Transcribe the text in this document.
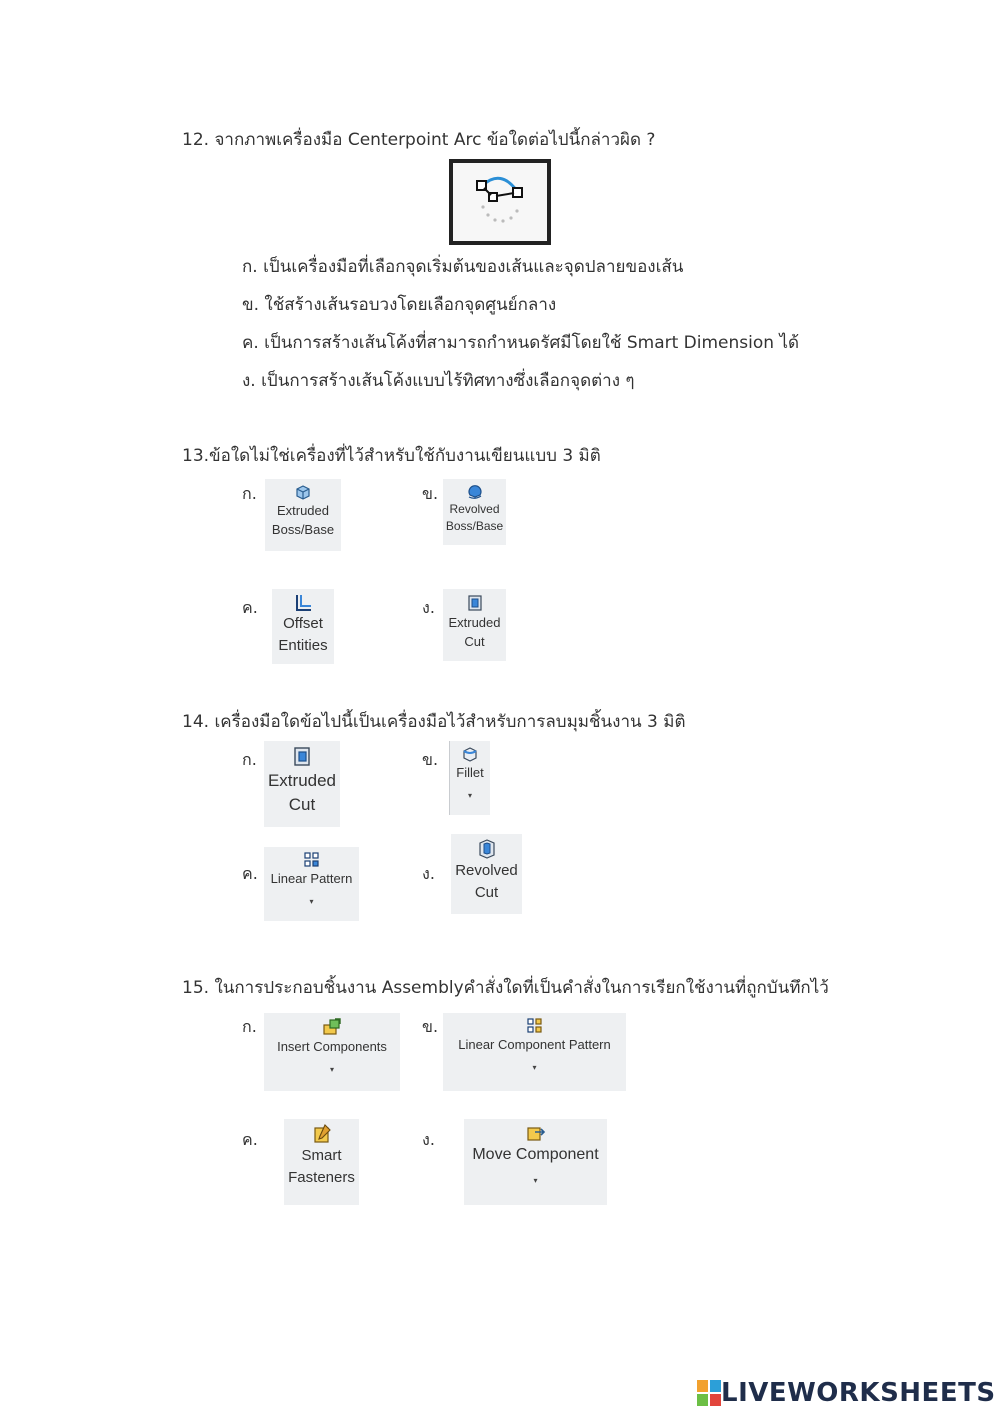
12. จากภาพเครื่องมือ Centerpoint Arc ข้อใดต่อไปนี้กล่าวผิด ?
ก. เป็นเครื่องมือที่เลือกจุดเริ่มต้นของเส้นและจุดปลายของเส้น
ข. ใช้สร้างเส้นรอบวงโดยเลือกจุดศูนย์กลาง
ค. เป็นการสร้างเส้นโค้งที่สามารถกำหนดรัศมีโดยใช้ Smart Dimension ได้
ง. เป็นการสร้างเส้นโค้งแบบไร้ทิศทางซึ่งเลือกจุดต่าง ๆ
13.ข้อใดไม่ใช่เครื่องที่ไว้สำหรับใช้กับงานเขียนแบบ 3 มิติ
ก.
Extruded
Boss/Base
ข.
Revolved
Boss/Base
ค.
Offset
Entities
ง.
Extruded
Cut
14. เครื่องมือใดข้อไปนี้เป็นเครื่องมือไว้สำหรับการลบมุมชิ้นงาน 3 มิติ
ก.
Extruded
Cut
ข.
Fillet
▾
ค. Linear Pattern
▾
ง. Revolved
Cut
15. ในการประกอบชิ้นงาน Assemblyคำสั่งใดที่เป็นคำสั่งในการเรียกใช้งานที่ถูกบันทึกไว้
ก.
Insert Components
▾
ข.
Linear Component Pattern
▾
ค.
Smart
Fasteners
ง.
Move Component
▾
LIVEWORKSHEETS
